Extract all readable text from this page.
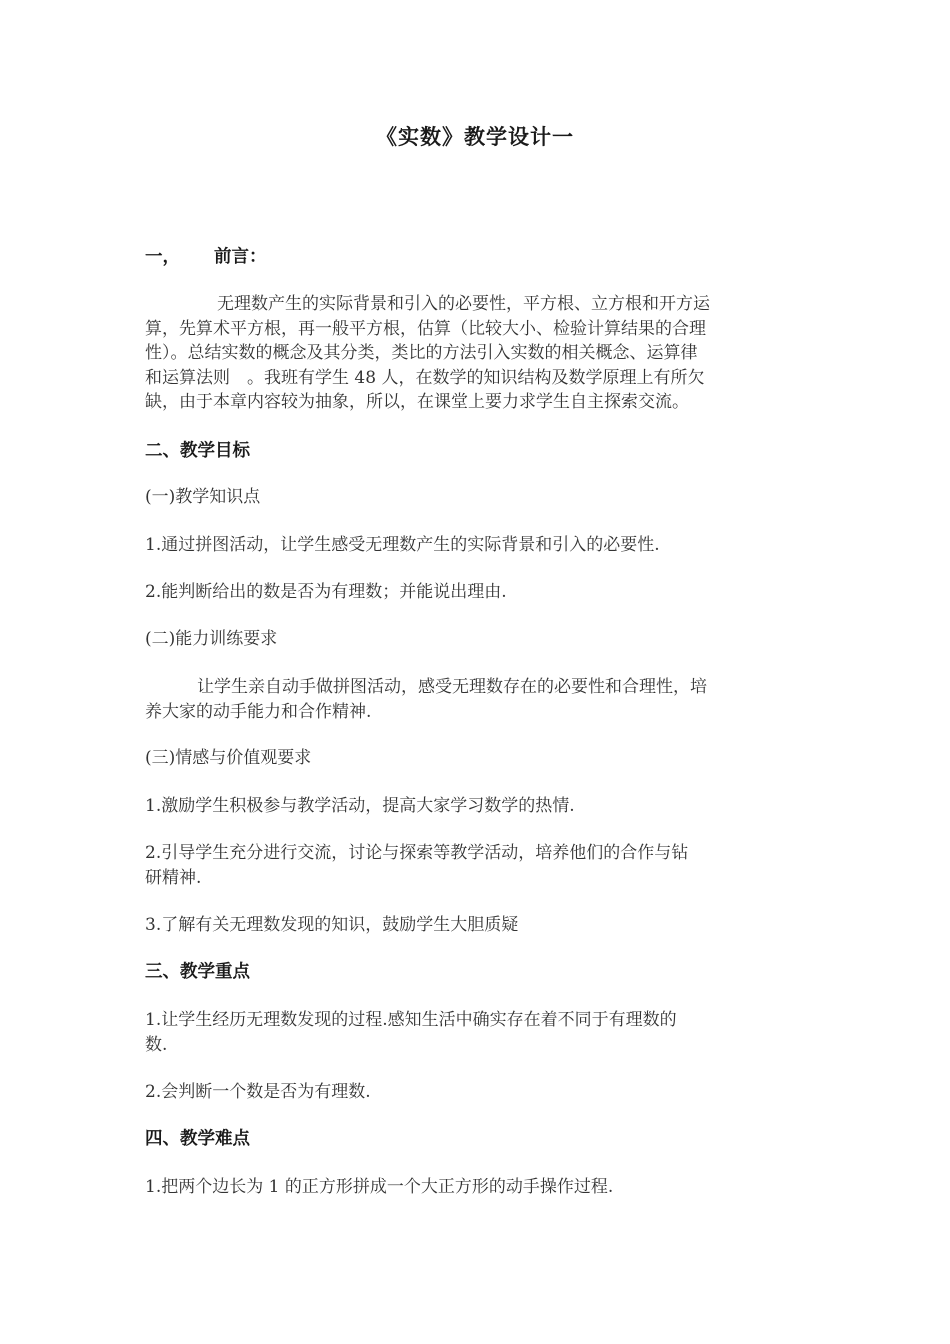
《实数》教学设计一
一， 前言：
无理数产生的实际背景和引入的必要性，平方根、立方根和开方运
算，先算术平方根，再一般平方根，估算（比较大小、检验计算结果的合理
性）。总结实数的概念及其分类，类比的方法引入实数的相关概念、运算律
和运算法则　。我班有学生 48 人，在数学的知识结构及数学原理上有所欠
缺，由于本章内容较为抽象，所以，在课堂上要力求学生自主探索交流。
二、教学目标
(一)教学知识点
1.通过拼图活动，让学生感受无理数产生的实际背景和引入的必要性.
2.能判断给出的数是否为有理数；并能说出理由.
(二)能力训练要求
让学生亲自动手做拼图活动，感受无理数存在的必要性和合理性，培
养大家的动手能力和合作精神.
(三)情感与价值观要求
1.激励学生积极参与教学活动，提高大家学习数学的热情.
2.引导学生充分进行交流，讨论与探索等教学活动，培养他们的合作与钻
研精神.
3.了解有关无理数发现的知识，鼓励学生大胆质疑
三、教学重点
1.让学生经历无理数发现的过程.感知生活中确实存在着不同于有理数的
数.
2.会判断一个数是否为有理数.
四、教学难点
1.把两个边长为 1 的正方形拼成一个大正方形的动手操作过程.
